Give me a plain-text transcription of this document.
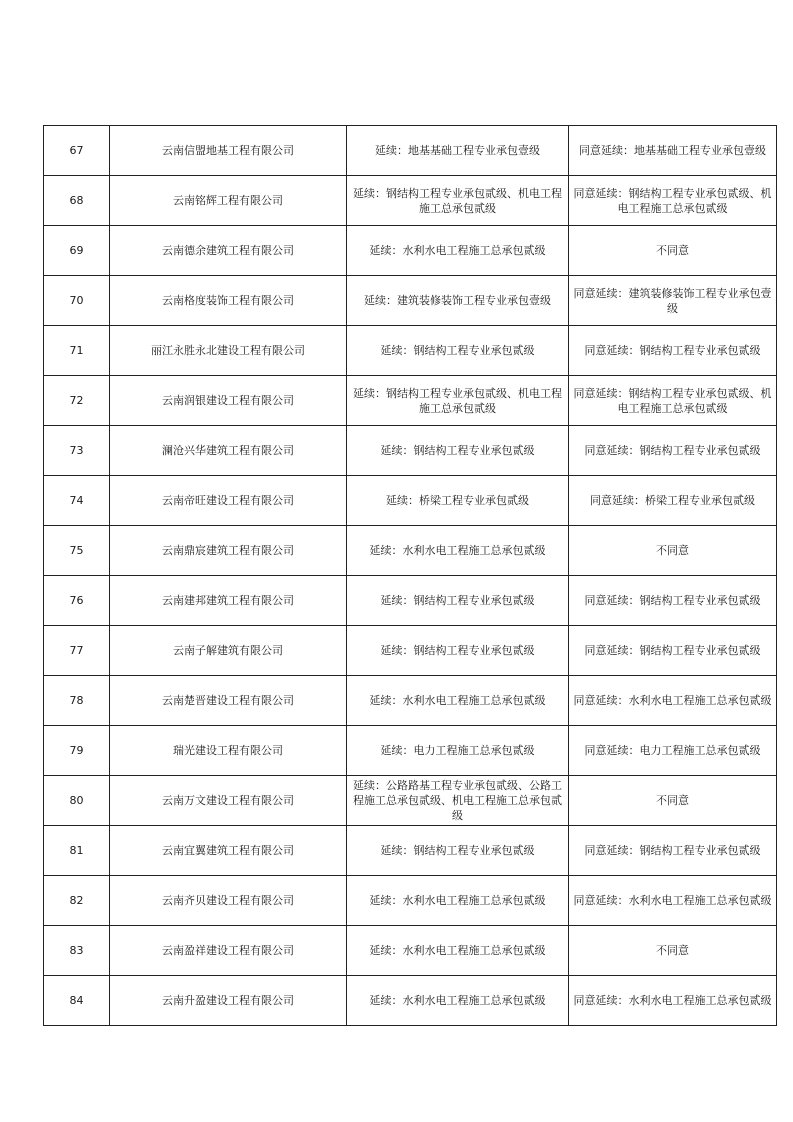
67	云南信盟地基工程有限公司	延续：地基基础工程专业承包壹级	同意延续：地基基础工程专业承包壹级
68	云南铭辉工程有限公司	延续：钢结构工程专业承包贰级、机电工程施工总承包贰级	同意延续：钢结构工程专业承包贰级、机电工程施工总承包贰级
69	云南德余建筑工程有限公司	延续：水利水电工程施工总承包贰级	不同意
70	云南格度装饰工程有限公司	延续：建筑装修装饰工程专业承包壹级	同意延续：建筑装修装饰工程专业承包壹级
71	丽江永胜永北建设工程有限公司	延续：钢结构工程专业承包贰级	同意延续：钢结构工程专业承包贰级
72	云南润银建设工程有限公司	延续：钢结构工程专业承包贰级、机电工程施工总承包贰级	同意延续：钢结构工程专业承包贰级、机电工程施工总承包贰级
73	澜沧兴华建筑工程有限公司	延续：钢结构工程专业承包贰级	同意延续：钢结构工程专业承包贰级
74	云南帝旺建设工程有限公司	延续：桥梁工程专业承包贰级	同意延续：桥梁工程专业承包贰级
75	云南鼎宸建筑工程有限公司	延续：水利水电工程施工总承包贰级	不同意
76	云南建邦建筑工程有限公司	延续：钢结构工程专业承包贰级	同意延续：钢结构工程专业承包贰级
77	云南子解建筑有限公司	延续：钢结构工程专业承包贰级	同意延续：钢结构工程专业承包贰级
78	云南楚晋建设工程有限公司	延续：水利水电工程施工总承包贰级	同意延续：水利水电工程施工总承包贰级
79	瑞光建设工程有限公司	延续：电力工程施工总承包贰级	同意延续：电力工程施工总承包贰级
80	云南万文建设工程有限公司	延续：公路路基工程专业承包贰级、公路工程施工总承包贰级、机电工程施工总承包贰级	不同意
81	云南宜翼建筑工程有限公司	延续：钢结构工程专业承包贰级	同意延续：钢结构工程专业承包贰级
82	云南齐贝建设工程有限公司	延续：水利水电工程施工总承包贰级	同意延续：水利水电工程施工总承包贰级
83	云南盈祥建设工程有限公司	延续：水利水电工程施工总承包贰级	不同意
84	云南升盈建设工程有限公司	延续：水利水电工程施工总承包贰级	同意延续：水利水电工程施工总承包贰级
